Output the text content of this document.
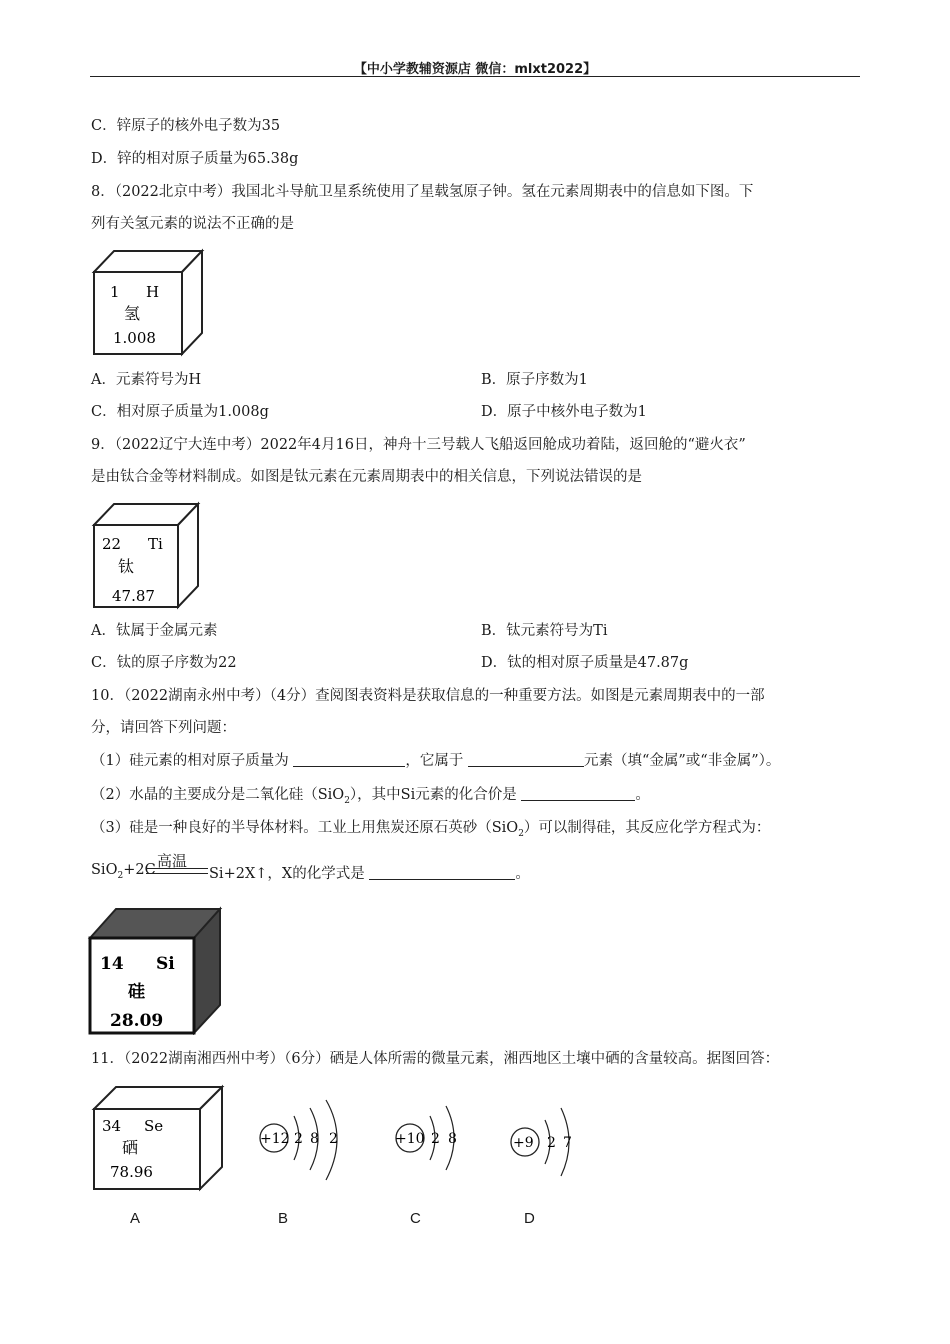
【中小学教辅资源店 微信：mlxt2022】
C．锌原子的核外电子数为35
D．锌的相对原子质量为65.38g
8．（2022北京中考）我国北斗导航卫星系统使用了星载氢原子钟。氢在元素周期表中的信息如下图。下
列有关氢元素的说法不正确的是
1 H
氢
1.008
A．元素符号为H	B．原子序数为1
C．相对原子质量为1.008g	D．原子中核外电子数为1
9．（2022辽宁大连中考）2022年4月16日，神舟十三号载人飞船返回舱成功着陆，返回舱的“避火衣”
是由钛合金等材料制成。如图是钛元素在元素周期表中的相关信息，下列说法错误的是
22 Ti
钛
47.87
A．钛属于金属元素	B．钛元素符号为Ti
C．钛的原子序数为22	D．钛的相对原子质量是47.87g
10．（2022湖南永州中考）（4分）查阅图表资料是获取信息的一种重要方法。如图是元素周期表中的一部
分，请回答下列问题：
（1）硅元素的相对原子质量为	，它属于	元素（填“金属”或“非金属”）。
（2）水晶的主要成分是二氧化硅（SiO$_2$），其中Si元素的化合价是	。
（3）硅是一种良好的半导体材料。工业上用焦炭还原石英砂（SiO$_2$）可以制得硅，其反应化学方程式为：
SiO$_2$+2C 高温
Si+2X↑，X的化学式是	。
14 Si
硅
28.09
11．（2022湖南湘西州中考）（6分）硒是人体所需的微量元素，湘西地区土壤中硒的含量较高。据图回答：
34 Se
硒
78.96
+12 2 8 2	+10 2 8	+9 2 7
A	B	C	D
